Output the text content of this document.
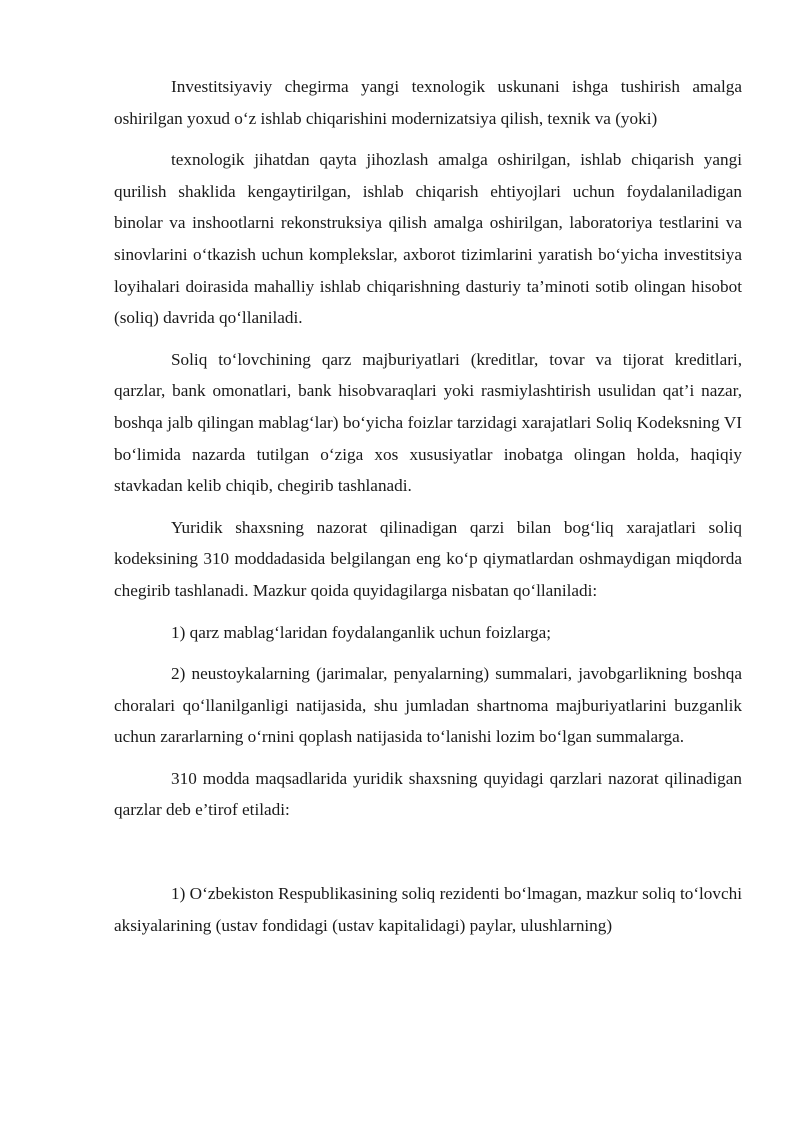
Investitsiyaviy chegirma yangi texnologik uskunani ishga tushirish amalga oshirilgan yoxud o‘z ishlab chiqarishini modernizatsiya qilish, texnik va (yoki)

texnologik jihatdan qayta jihozlash amalga oshirilgan, ishlab chiqarish yangi qurilish shaklida kengaytirilgan, ishlab chiqarish ehtiyojlari uchun foydalaniladigan binolar va inshootlarni rekonstruksiya qilish amalga oshirilgan, laboratoriya testlarini va sinovlarini o‘tkazish uchun komplekslar, axborot tizimlarini yaratish bo‘yicha investitsiya loyihalari doirasida mahalliy ishlab chiqarishning dasturiy ta’minoti sotib olingan hisobot (soliq) davrida qo‘llaniladi.

Soliq to‘lovchining qarz majburiyatlari (kreditlar, tovar va tijorat kreditlari, qarzlar, bank omonatlari, bank hisobvaraqlari yoki rasmiylashtirish usulidan qat’i nazar, boshqa jalb qilingan mablag‘lar) bo‘yicha foizlar tarzidagi xarajatlari Soliq Kodeksning VI bo‘limida nazarda tutilgan o‘ziga xos xususiyatlar inobatga olingan holda, haqiqiy stavkadan kelib chiqib, chegirib tashlanadi.

Yuridik shaxsning nazorat qilinadigan qarzi bilan bog‘liq xarajatlari soliq kodeksining 310 moddadasida belgilangan eng ko‘p qiymatlardan oshmaydigan miqdorda chegirib tashlanadi. Mazkur qoida quyidagilarga nisbatan qo‘llaniladi:

1) qarz mablag‘laridan foydalanganlik uchun foizlarga;

2) neustoykalarning (jarimalar, penyalarning) summalari, javobgarlikning boshqa choralari qo‘llanilganligi natijasida, shu jumladan shartnoma majburiyatlarini buzganlik uchun zararlarning o‘rnini qoplash natijasida to‘lanishi lozim bo‘lgan summalarga.

310 modda maqsadlarida yuridik shaxsning quyidagi qarzlari nazorat qilinadigan qarzlar deb e’tirof etiladi:

1) O‘zbekiston Respublikasining soliq rezidenti bo‘lmagan, mazkur soliq to‘lovchi aksiyalarining (ustav fondidagi (ustav kapitalidagi) paylar, ulushlarning)
